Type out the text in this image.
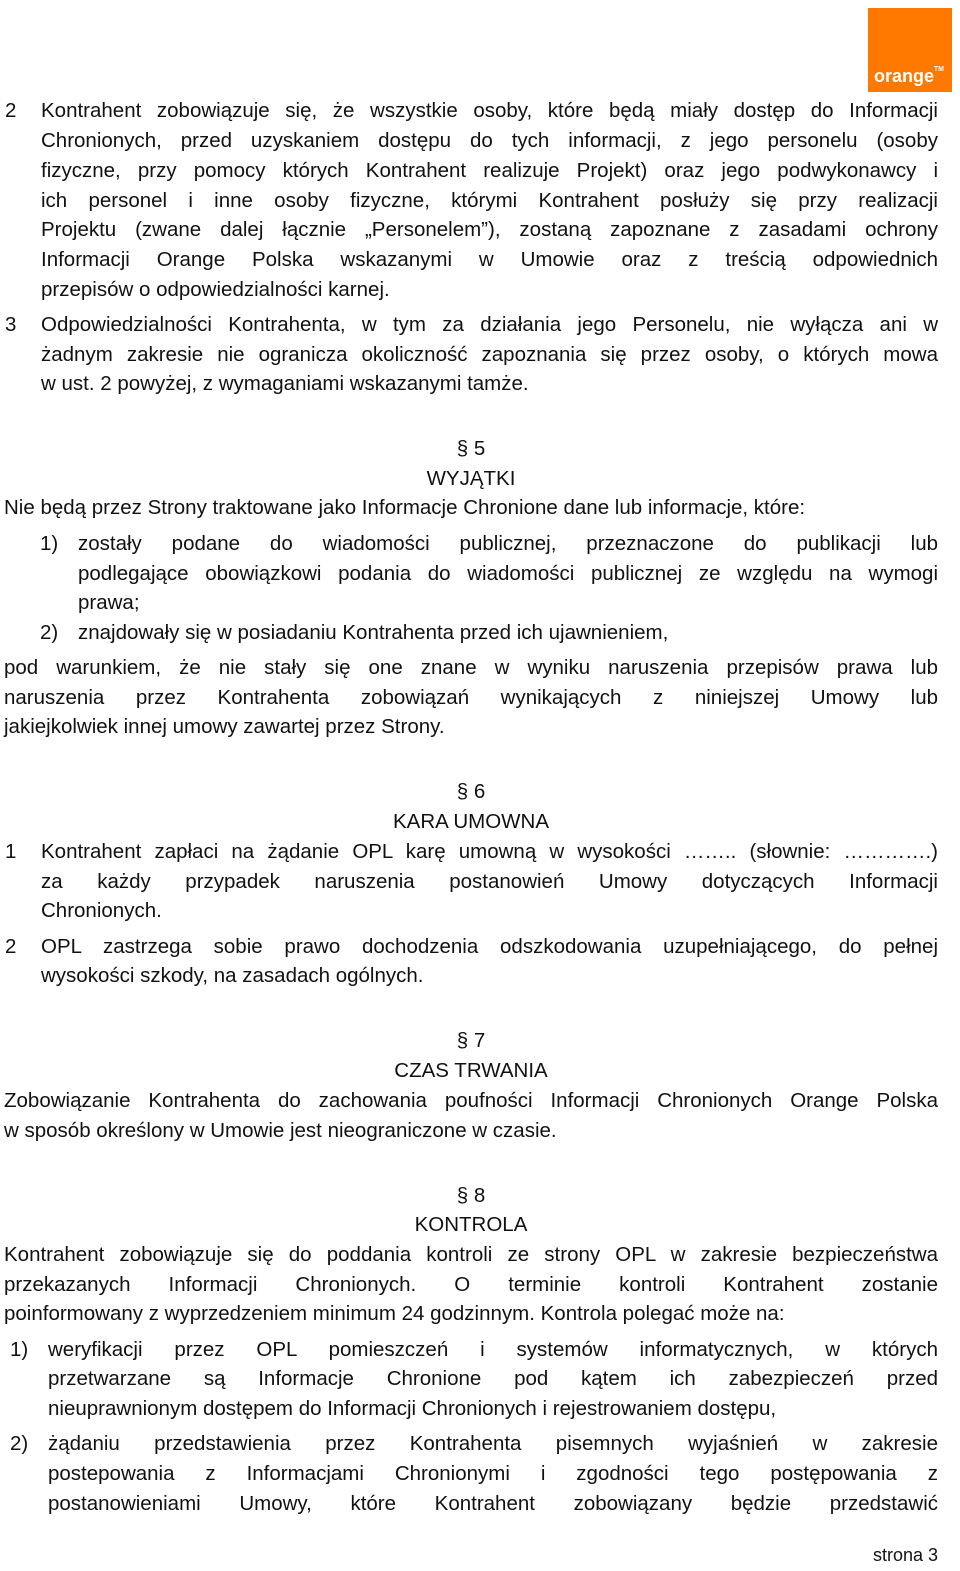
orange TM
2 Kontrahent zobowiązuje się, że wszystkie osoby, które będą miały dostęp do Informacji
Chronionych, przed uzyskaniem dostępu do tych informacji, z jego personelu (osoby
fizyczne, przy pomocy których Kontrahent realizuje Projekt) oraz jego podwykonawcy i
ich personel i inne osoby fizyczne, którymi Kontrahent posłuży się przy realizacji
Projektu (zwane dalej łącznie „Personelem”), zostaną zapoznane z zasadami ochrony
Informacji Orange Polska wskazanymi w Umowie oraz z treścią odpowiednich
przepisów o odpowiedzialności karnej.
3 Odpowiedzialności Kontrahenta, w tym za działania jego Personelu, nie wyłącza ani w
żadnym zakresie nie ogranicza okoliczność zapoznania się przez osoby, o których mowa
w ust. 2 powyżej, z wymaganiami wskazanymi tamże.
§ 5
WYJĄTKI
Nie będą przez Strony traktowane jako Informacje Chronione dane lub informacje, które:
1) zostały podane do wiadomości publicznej, przeznaczone do publikacji lub
podlegające obowiązkowi podania do wiadomości publicznej ze względu na wymogi
prawa;
2) znajdowały się w posiadaniu Kontrahenta przed ich ujawnieniem,
pod warunkiem, że nie stały się one znane w wyniku naruszenia przepisów prawa lub
naruszenia przez Kontrahenta zobowiązań wynikających z niniejszej Umowy lub
jakiejkolwiek innej umowy zawartej przez Strony.
§ 6
KARA UMOWNA
1 Kontrahent zapłaci na żądanie OPL karę umowną w wysokości …….. (słownie: ………….)
za każdy przypadek naruszenia postanowień Umowy dotyczących Informacji
Chronionych.
2 OPL zastrzega sobie prawo dochodzenia odszkodowania uzupełniającego, do pełnej
wysokości szkody, na zasadach ogólnych.
§ 7
CZAS TRWANIA
Zobowiązanie Kontrahenta do zachowania poufności Informacji Chronionych Orange Polska
w sposób określony w Umowie jest nieograniczone w czasie.
§ 8
KONTROLA
Kontrahent zobowiązuje się do poddania kontroli ze strony OPL w zakresie bezpieczeństwa
przekazanych Informacji Chronionych. O terminie kontroli Kontrahent zostanie
poinformowany z wyprzedzeniem minimum 24 godzinnym. Kontrola polegać może na:
1) weryfikacji przez OPL pomieszczeń i systemów informatycznych, w których
przetwarzane są Informacje Chronione pod kątem ich zabezpieczeń przed
nieuprawnionym dostępem do Informacji Chronionych i rejestrowaniem dostępu,
2) żądaniu przedstawienia przez Kontrahenta pisemnych wyjaśnień w zakresie
postepowania z Informacjami Chronionymi i zgodności tego postępowania z
postanowieniami Umowy, które Kontrahent zobowiązany będzie przedstawić
strona 3
